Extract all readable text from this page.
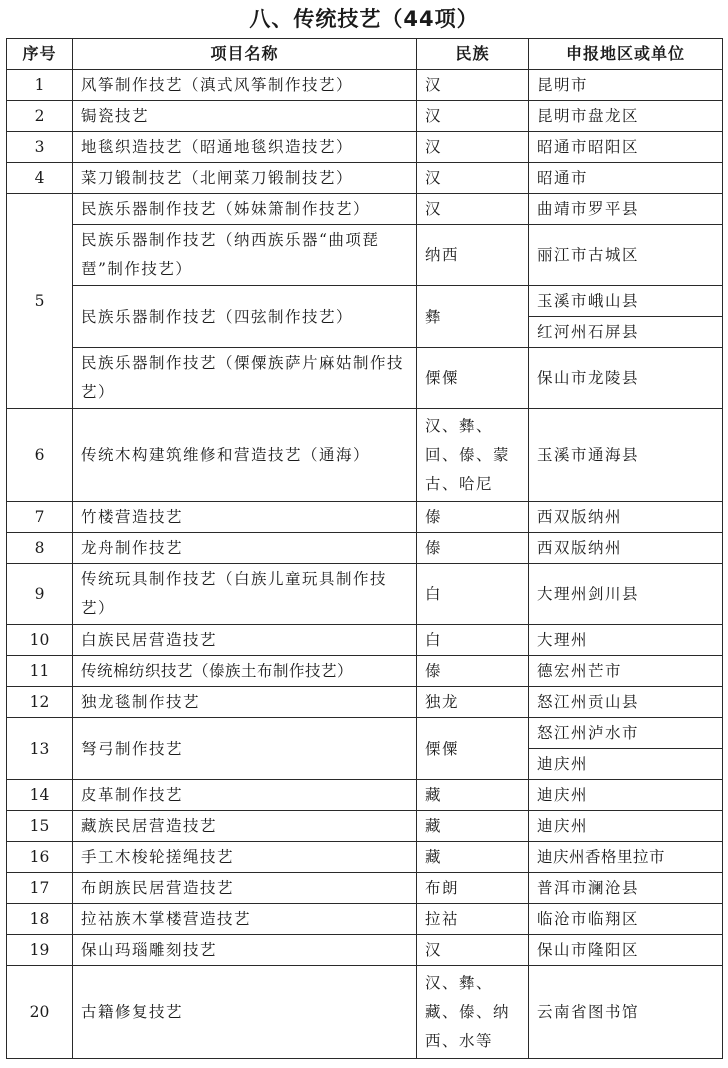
八、传统技艺（44项）
序号	项目名称	民族	申报地区或单位
1	风筝制作技艺（滇式风筝制作技艺）	汉	昆明市
2	锔瓷技艺	汉	昆明市盘龙区
3	地毯织造技艺（昭通地毯织造技艺）	汉	昭通市昭阳区
4	菜刀锻制技艺（北闸菜刀锻制技艺）	汉	昭通市
5	民族乐器制作技艺（姊妹箫制作技艺）	汉	曲靖市罗平县
	民族乐器制作技艺（纳西族乐器“曲项琵琶”制作技艺）	纳西	丽江市古城区
	民族乐器制作技艺（四弦制作技艺）	彝	玉溪市峨山县
			红河州石屏县
	民族乐器制作技艺（傈僳族萨片麻姑制作技艺）	傈僳	保山市龙陵县
6	传统木构建筑维修和营造技艺（通海）	汉、彝、回、傣、蒙古、哈尼	玉溪市通海县
7	竹楼营造技艺	傣	西双版纳州
8	龙舟制作技艺	傣	西双版纳州
9	传统玩具制作技艺（白族儿童玩具制作技艺）	白	大理州剑川县
10	白族民居营造技艺	白	大理州
11	传统棉纺织技艺（傣族土布制作技艺）	傣	德宏州芒市
12	独龙毯制作技艺	独龙	怒江州贡山县
13	弩弓制作技艺	傈僳	怒江州泸水市
			迪庆州
14	皮革制作技艺	藏	迪庆州
15	藏族民居营造技艺	藏	迪庆州
16	手工木梭轮搓绳技艺	藏	迪庆州香格里拉市
17	布朗族民居营造技艺	布朗	普洱市澜沧县
18	拉祜族木掌楼营造技艺	拉祜	临沧市临翔区
19	保山玛瑙雕刻技艺	汉	保山市隆阳区
20	古籍修复技艺	汉、彝、藏、傣、纳西、水等	云南省图书馆
